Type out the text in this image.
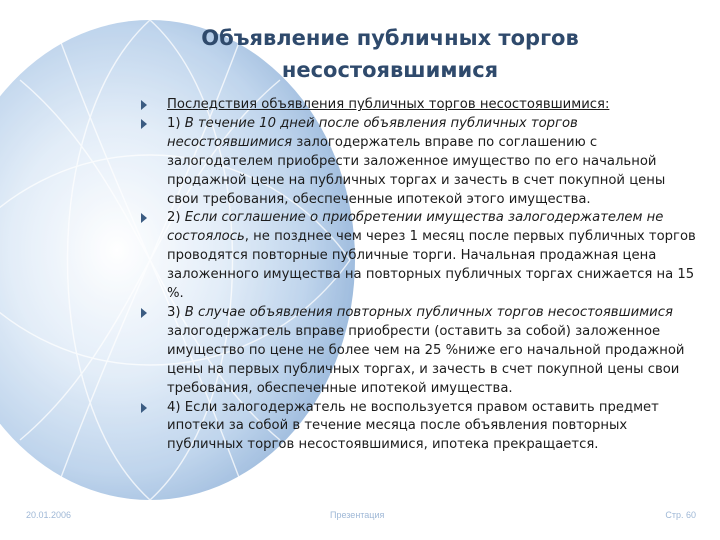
Объявление публичных торгов
несостоявшимися
Последствия объявления публичных торгов несостоявшимися:
1) В течение 10 дней после объявления публичных торгов несостоявшимися залогодержатель вправе по соглашению с залогодателем приобрести заложенное имущество по его начальной продажной цене на публичных торгах и зачесть в счет покупной цены свои требования, обеспеченные ипотекой этого имущества.
2) Если соглашение о приобретении имущества залогодержателем не состоялось, не позднее чем через 1 месяц после первых публичных торгов проводятся повторные публичные торги. Начальная продажная цена заложенного имущества на повторных публичных торгах снижается на 15 %.
3) В случае объявления повторных публичных торгов несостоявшимися залогодержатель вправе приобрести (оставить за собой) заложенное имущество по цене не более чем на 25 %ниже его начальной продажной цены на первых публичных торгах, и зачесть в счет покупной цены свои требования, обеспеченные ипотекой имущества.
4) Если залогодержатель не воспользуется правом оставить предмет ипотеки за собой в течение месяца после объявления повторных публичных торгов несостоявшимися, ипотека прекращается.
20.01.2006	Презентация	Стр. 60
